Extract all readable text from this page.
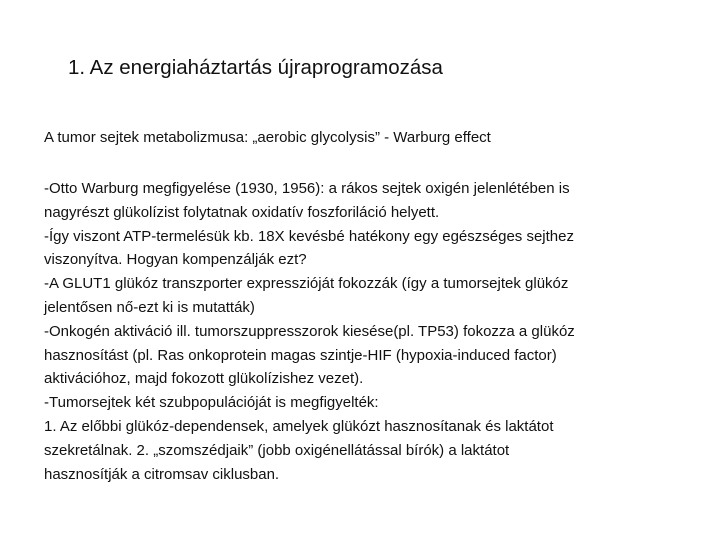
1. Az energiaháztartás újraprogramozása
A tumor sejtek metabolizmusa: „aerobic glycolysis” - Warburg effect
-Otto Warburg megfigyelése (1930, 1956): a rákos sejtek oxigén jelenlétében is
nagyrészt glükolízist folytatnak oxidatív foszforiláció helyett.
-Így viszont ATP-termelésük kb. 18X kevésbé hatékony egy egészséges sejthez
viszonyítva. Hogyan kompenzálják ezt?
-A GLUT1 glükóz transzporter expresszióját fokozzák (így a tumorsejtek glükóz
jelentősen nő-ezt ki is mutatták)
-Onkogén aktiváció ill. tumorszuppresszorok kiesése(pl. TP53) fokozza a glükóz
hasznosítást (pl. Ras onkoprotein magas szintje-HIF (hypoxia-induced factor)
aktivációhoz, majd fokozott glükolízishez vezet).
-Tumorsejtek két szubpopulációját is megfigyelték:
1. Az előbbi glükóz-dependensek, amelyek glükózt hasznosítanak és laktátot
szekretálnak. 2. „szomszédjaik” (jobb oxigénellátással bírók) a laktátot
hasznosítják a citromsav ciklusban.
